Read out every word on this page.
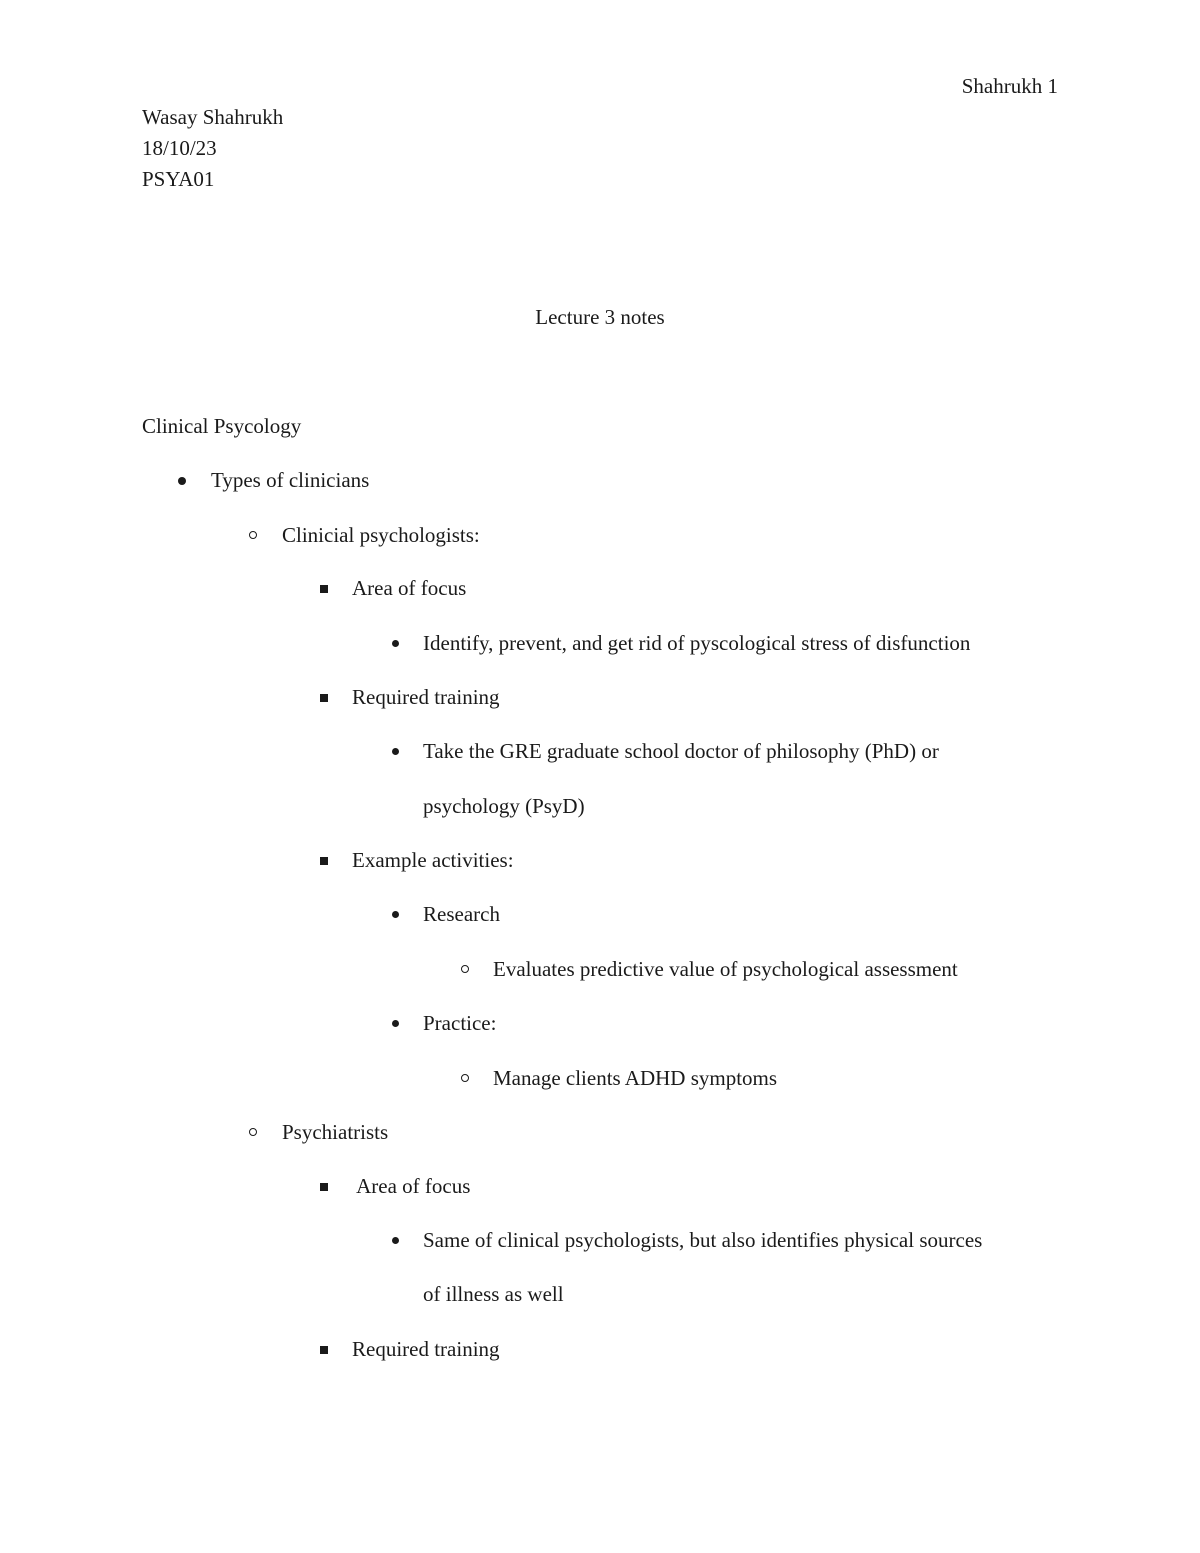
Shahrukh 1
Wasay Shahrukh
18/10/23
PSYA01
Lecture 3 notes
Clinical Psycology
Types of clinicians
Clinicial psychologists:
Area of focus
Identify, prevent, and get rid of pyscological stress of disfunction
Required training
Take the GRE graduate school doctor of philosophy (PhD) or
psychology (PsyD)
Example activities:
Research
Evaluates predictive value of psychological assessment
Practice:
Manage clients ADHD symptoms
Psychiatrists
Area of focus
Same of clinical psychologists, but also identifies physical sources
of illness as well
Required training
